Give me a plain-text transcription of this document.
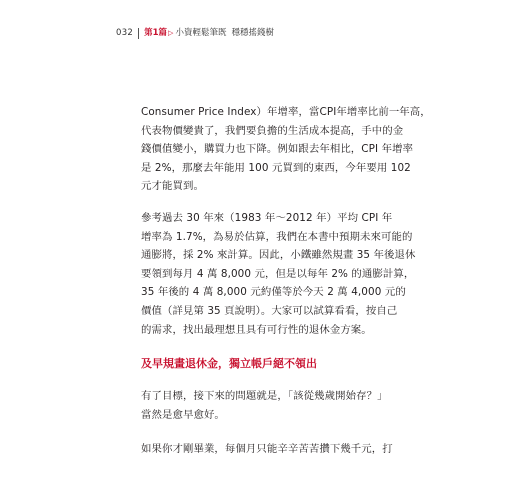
032 第1篇 ▷ 小資輕鬆筆既 穩穩搖錢樹
Consumer Price Index）年增率，當CPI年增率比前一年高，
代表物價變貴了，我們要負擔的生活成本提高，手中的金
錢價值變小，購買力也下降。例如跟去年相比，CPI 年增率
是 2%，那麼去年能用 100 元買到的東西，今年要用 102
元才能買到。
參考過去 30 年來（1983 年～2012 年）平均 CPI 年
增率為 1.7%，為易於估算，我們在本書中預期未來可能的
通膨將，採 2% 來計算。因此，小鐵雖然規畫 35 年後退休
要領到每月 4 萬 8,000 元，但是以每年 2% 的通膨計算，
35 年後的 4 萬 8,000 元約僅等於今天 2 萬 4,000 元的
價值（詳見第 35 頁說明）。大家可以試算看看，按自己
的需求，找出最理想且具有可行性的退休金方案。
及早規畫退休金，獨立帳戶絕不領出
有了目標，接下來的問題就是，「該從幾歲開始存？」
當然是愈早愈好。
如果你才剛畢業，每個月只能辛辛苦苦攢下幾千元，打
